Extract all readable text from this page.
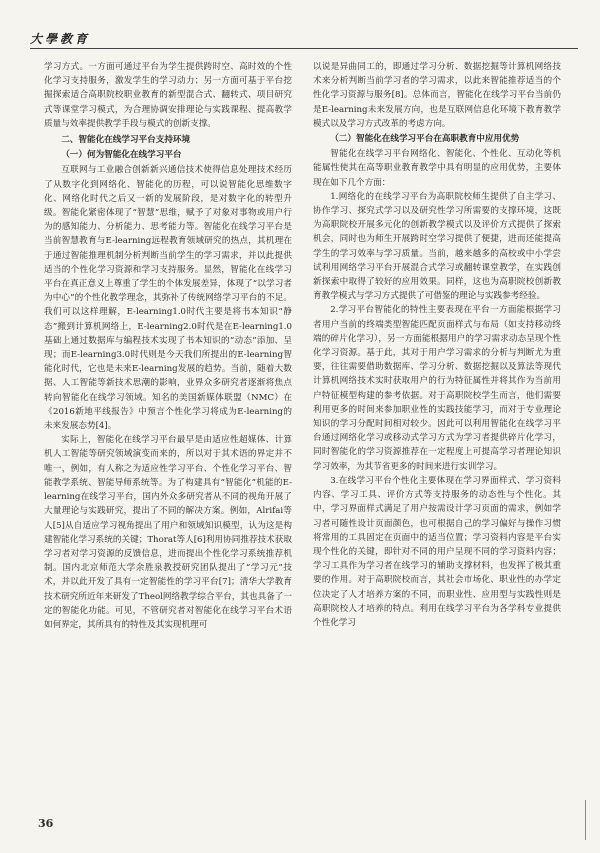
大學教育

学习方式。一方面可通过平台为学生提供跨时空、高时效的个性化学习支持服务，激发学生的学习动力；另一方面可基于平台挖掘探索适合高职院校职业教育的新型混合式、翻转式、项目研究式等课堂学习模式，为合理协调安排理论与实践课程、提高教学质量与效率提供教学手段与模式的创新支撑。

二、智能化在线学习平台支持环境
（一）何为智能化在线学习平台

互联网与工业融合创新新兴通信技术使得信息处理技术经历了从数字化到网络化、智能化的历程，可以说智能化思维数字化、网络化时代之后又一新的发展阶段，是对数字化的转型升级。智能化紧密体现了“智慧”思维，赋予了对象对事物或用户行为的感知能力、分析能力、思考能力等。智能化在线学习平台是当前智慧教育与E-learning远程教育领域研究的热点，其机理在于通过智能推理机制分析判断当前学生的学习需求，并以此提供适当的个性化学习资源和学习支持服务。显然，智能化在线学习平台在真正意义上尊重了学生的个体发展差异，体现了“以学习者为中心”的个性化教学理念，其弥补了传统网络学习平台的不足。我们可以这样理解，E-learning1.0时代主要是将书本知识“静态”搬到计算机网络上，E-learning2.0时代是在E-learning1.0基础上通过数据库与编程技术实现了书本知识的“动态”添加、呈现；而E-learning3.0时代则是今天我们所提出的E-learning智能化时代，它也是未来E-learning发展的趋势。当前，随着大数据、人工智能等新技术思潮的影响，业界众多研究者逐渐将焦点转向智能化在线学习领域。知名的美国新媒体联盟（NMC）在《2016新地平线报告》中预言个性化学习将成为E-learning的未来发展态势[4]。

实际上，智能化在线学习平台最早是由适应性超媒体、计算机人工智能等研究领域演变而来的，所以对于其术语的界定并不唯一，例如，有人称之为适应性学习平台、个性化学习平台、智能教学系统、智能导师系统等。为了构建具有“智能化”机能的E-learning在线学习平台，国内外众多研究者从不同的视角开展了大量理论与实践研究，提出了不同的解决方案。例如，Alrifai等人[5]从自适应学习视角提出了用户和领域知识模型，认为这是构建智能化学习系统的关键；Thorat等人[6]利用协同推荐技术获取学习者对学习资源的反馈信息，进而提出个性化学习系统推荐机制。国内北京师范大学余胜泉教授研究团队提出了“学习元”技术，并以此开发了具有一定智能性的学习平台[7]；清华大学教育技术研究所近年来研发了Theol网络教学综合平台，其也具备了一定的智能化功能。可见，不管研究者对智能化在线学习平台术语如何界定，其所具有的特性及其实现机理可

以说是异曲同工的，即通过学习分析、数据挖掘等计算机网络技术来分析判断当前学习者的学习需求，以此来智能推荐适当的个性化学习资源与服务[8]。总体而言，智能化在线学习平台当前仍是E-learning未来发展方向，也是互联网信息化环境下教育教学模式以及学习方式改革的考虑方向。

（二）智能化在线学习平台在高职教育中应用优势

智能化在线学习平台网络化、智能化、个性化、互动化等机能属性使其在高等职业教育教学中具有明显的应用优势，主要体现在如下几个方面：

1.网络化的在线学习平台为高职院校师生提供了自主学习、协作学习、探究式学习以及研究性学习所需要的支撑环境，这既为高职院校开展多元化的创新教学模式以及评价方式提供了探索机会，同时也为师生开展跨时空学习提供了便捷，进而还能提高学生的学习效率与学习质量。当前，越来越多的高校或中小学尝试利用网络学习平台开展混合式学习或翻转课堂教学，在实践创新探索中取得了较好的应用效果。同样，这也为高职院校创新教育教学模式与学习方式提供了可借鉴的理论与实践参考经验。

2.学习平台智能化的特性主要表现在平台一方面能根据学习者用户当前的终端类型智能匹配页面样式与布局（如支持移动终端的碎片化学习），另一方面能根据用户的学习需求动态呈现个性化学习资源。基于此，其对于用户学习需求的分析与判断尤为重要，往往需要借助数据库、学习分析、数据挖掘以及算法等现代计算机网络技术实时获取用户的行为特征属性并将其作为当前用户特征模型构建的参考依据。对于高职院校学生而言，他们需要利用更多的时间来参加职业性的实践技能学习，而对于专业理论知识的学习分配时间相对较少。因此可以利用智能化在线学习平台通过网络化学习或移动式学习方式为学习者提供碎片化学习，同时智能化的学习资源推荐在一定程度上可提高学习者理论知识学习效率，为其节省更多的时间来进行实训学习。

3.在线学习平台个性化主要体现在学习界面样式、学习资料内容、学习工具、评价方式等支持服务的动态性与个性化。其中，学习界面样式满足了用户按需设计学习页面的需求，例如学习者可随性设计页面颜色，也可根据自己的学习偏好与操作习惯将常用的工具固定在页面中的适当位置；学习资料内容是平台实现个性化的关键，即针对不同的用户呈现不同的学习资料内容；学习工具作为学习者在线学习的辅助支撑材料，也发挥了极其重要的作用。对于高职院校而言，其社会市场化、职业性的办学定位决定了人才培养方案的不同，而职业性、应用型与实践性则是高职院校人才培养的特点。利用在线学习平台为各学科专业提供个性化学习

36
